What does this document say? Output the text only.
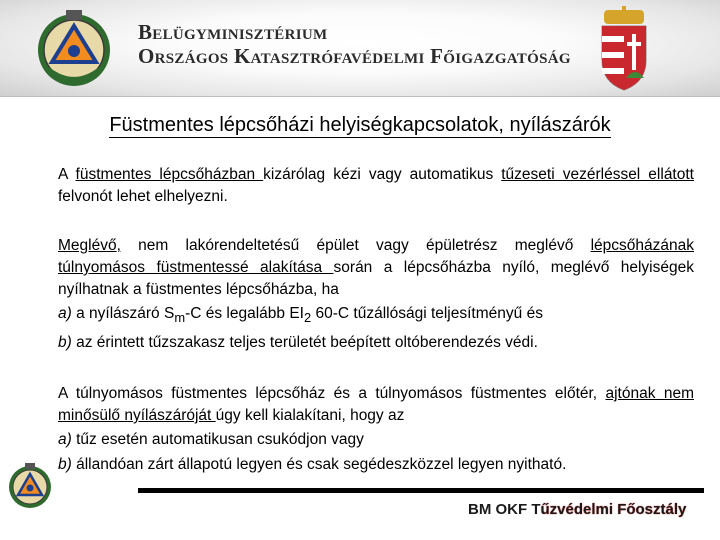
Belügyminisztérium
Országos Katasztrófavédelmi Főigazgatóság
Füstmentes lépcsőházi helyiségkapcsolatok, nyílászárók

A füstmentes lépcsőházban kizárólag kézi vagy automatikus tűzeseti vezérléssel ellátott felvonót lehet elhelyezni.

Meglévő, nem lakórendeltetésű épület vagy épületrész meglévő lépcsőházának túlnyomásos füstmentessé alakítása során a lépcsőházba nyíló, meglévő helyiségek nyílhatnak a füstmentes lépcsőházba, ha

a) a nyílászáró $S_m-C$ és legalább $EI_2$ 60-C tűzállósági teljesítményű és

b) az érintett tűzszakasz teljes területét beépített oltóberendezés védi.

A túlnyomásos füstmentes lépcsőház és a túlnyomásos füstmentes előtér, ajtónak nem minősülő nyílászáróját úgy kell kialakítani, hogy az

a) tűz esetén automatikusan csukódjon vagy

b) állandóan zárt állapotú legyen és csak segédeszközzel legyen nyitható.

BM OKF Tűzvédelmi Főosztály
